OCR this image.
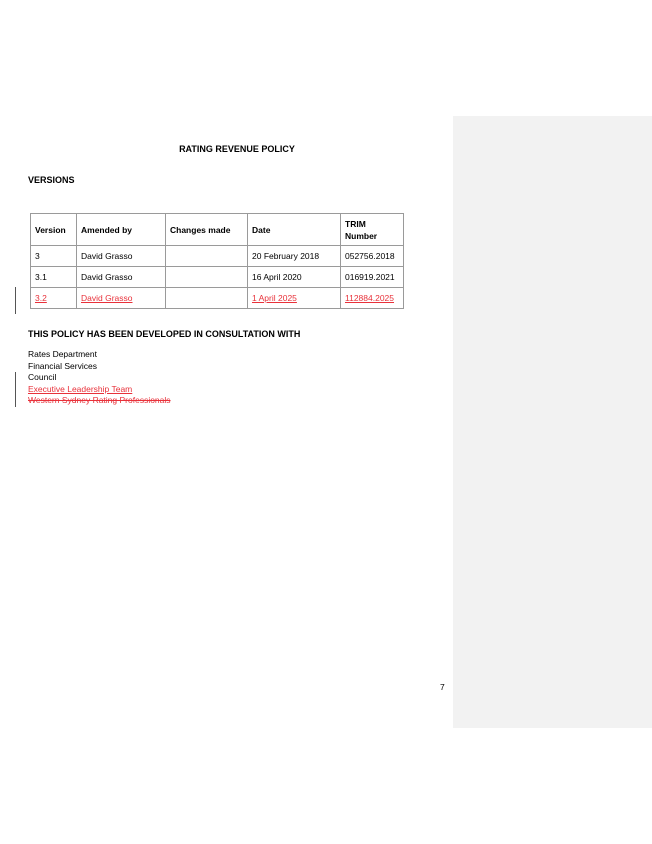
RATING REVENUE POLICY
VERSIONS
Version	Amended by	Changes made	Date	TRIM
Number

3	David Grasso		20 February 2018	052756.2018
3.1	David Grasso		16 April 2020	016919.2021
3.2	David Grasso		1 April 2025	112884.2025
THIS POLICY HAS BEEN DEVELOPED IN CONSULTATION WITH
Rates Department
Financial Services
Council
Executive Leadership Team
Western Sydney Rating Professionals
7
